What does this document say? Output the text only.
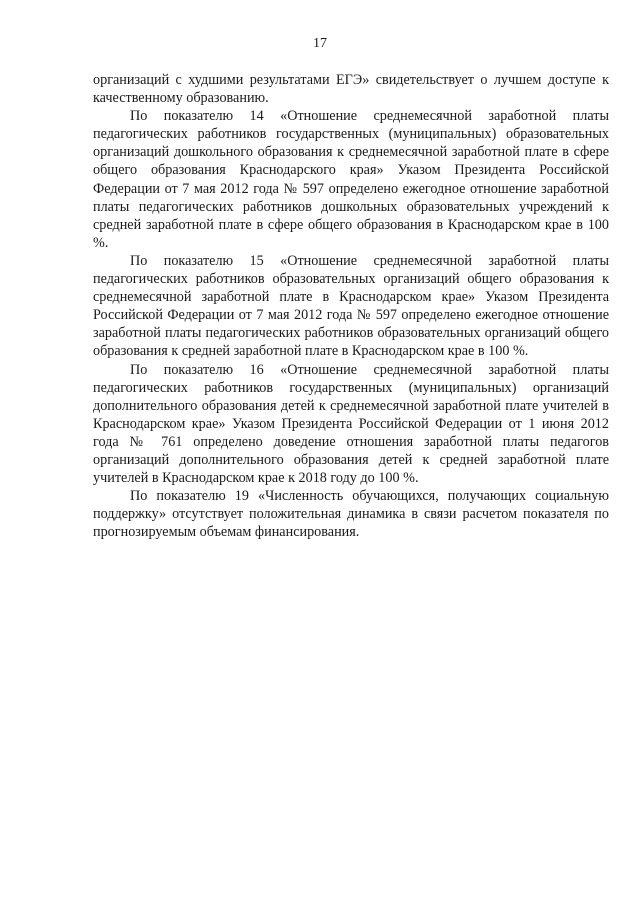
17

организаций с худшими результатами ЕГЭ» свидетельствует о лучшем доступе к качественному образованию.

По показателю 14 «Отношение среднемесячной заработной платы педагогических работников государственных (муниципальных) образовательных организаций дошкольного образования к среднемесячной заработной плате в сфере общего образования Краснодарского края» Указом Президента Российской Федерации от 7 мая 2012 года № 597 определено ежегодное отношение заработной платы педагогических работников дошкольных образовательных учреждений к средней заработной плате в сфере общего образования в Краснодарском крае в 100 %.

По показателю 15 «Отношение среднемесячной заработной платы педагогических работников образовательных организаций общего образования к среднемесячной заработной плате в Краснодарском крае» Указом Президента Российской Федерации от 7 мая 2012 года № 597 определено ежегодное отношение заработной платы педагогических работников образовательных организаций общего образования к средней заработной плате в Краснодарском крае в 100 %.

По показателю 16 «Отношение среднемесячной заработной платы педагогических работников государственных (муниципальных) организаций дополнительного образования детей к среднемесячной заработной плате учителей в Краснодарском крае» Указом Президента Российской Федерации от 1 июня 2012 года № 761 определено доведение отношения заработной платы педагогов организаций дополнительного образования детей к средней заработной плате учителей в Краснодарском крае к 2018 году до 100 %.

По показателю 19 «Численность обучающихся, получающих социальную поддержку» отсутствует положительная динамика в связи расчетом показателя по прогнозируемым объемам финансирования.
